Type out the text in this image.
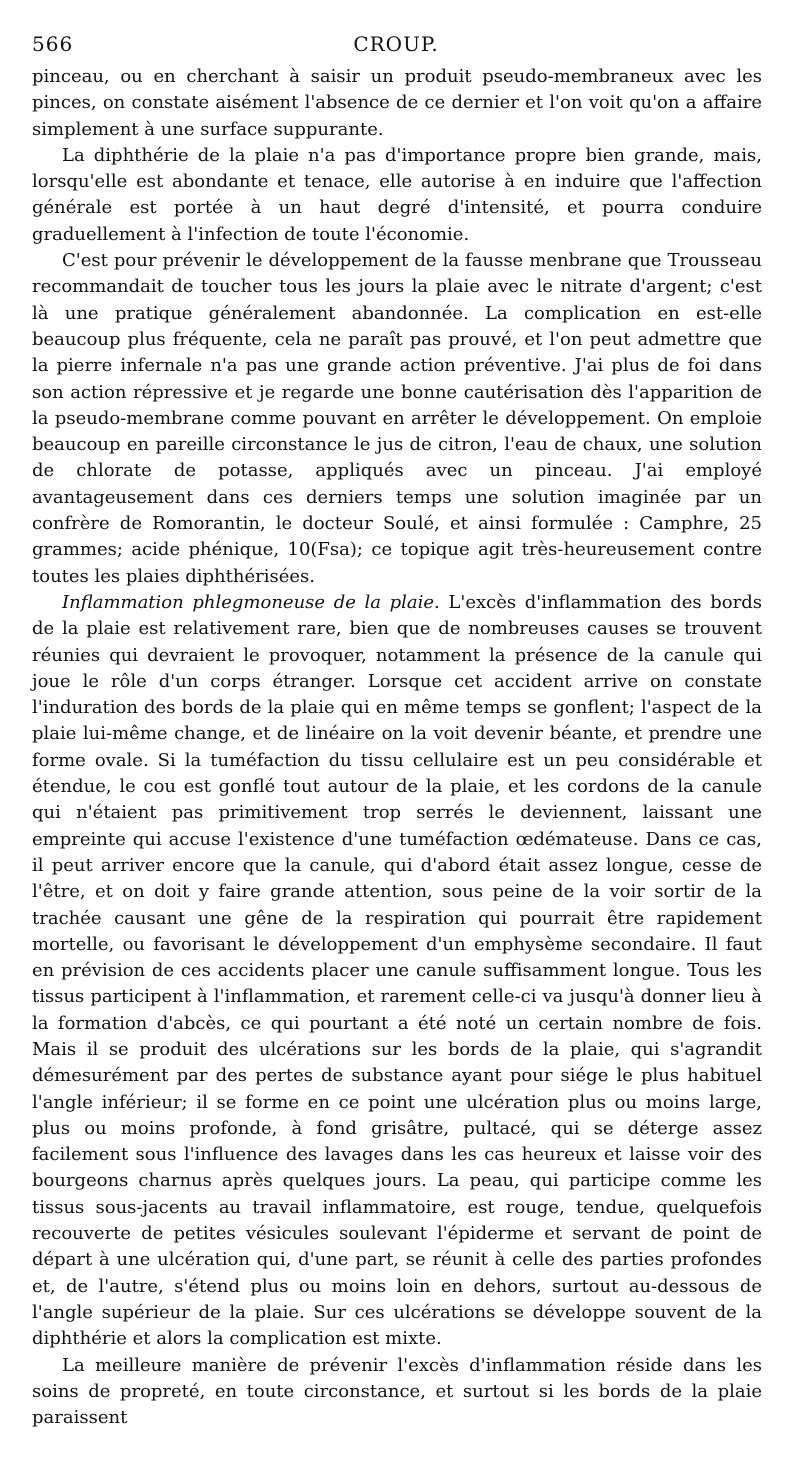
566	CROUP.

pinceau, ou en cherchant à saisir un produit pseudo-membraneux avec les pinces, on constate aisément l'absence de ce dernier et l'on voit qu'on a affaire simplement à une surface suppurante.

La diphthérie de la plaie n'a pas d'importance propre bien grande, mais, lorsqu'elle est abondante et tenace, elle autorise à en induire que l'affection générale est portée à un haut degré d'intensité, et pourra conduire graduellement à l'infection de toute l'économie.

C'est pour prévenir le développement de la fausse menbrane que Trousseau recommandait de toucher tous les jours la plaie avec le nitrate d'argent; c'est là une pratique généralement abandonnée. La complication en est-elle beaucoup plus fréquente, cela ne paraît pas prouvé, et l'on peut admettre que la pierre infernale n'a pas une grande action préventive. J'ai plus de foi dans son action répressive et je regarde une bonne cautérisation dès l'apparition de la pseudo-membrane comme pouvant en arrêter le développement. On emploie beaucoup en pareille circonstance le jus de citron, l'eau de chaux, une solution de chlorate de potasse, appliqués avec un pinceau. J'ai employé avantageusement dans ces derniers temps une solution imaginée par un confrère de Romorantin, le docteur Soulé, et ainsi formulée : Camphre, 25 grammes; acide phénique, 10(Fsa); ce topique agit très-heureusement contre toutes les plaies diphthérisées.

Inflammation phlegmoneuse de la plaie. L'excès d'inflammation des bords de la plaie est relativement rare, bien que de nombreuses causes se trouvent réunies qui devraient le provoquer, notamment la présence de la canule qui joue le rôle d'un corps étranger. Lorsque cet accident arrive on constate l'induration des bords de la plaie qui en même temps se gonflent; l'aspect de la plaie lui-même change, et de linéaire on la voit devenir béante, et prendre une forme ovale. Si la tuméfaction du tissu cellulaire est un peu considérable et étendue, le cou est gonflé tout autour de la plaie, et les cordons de la canule qui n'étaient pas primitivement trop serrés le deviennent, laissant une empreinte qui accuse l'existence d'une tuméfaction œdémateuse. Dans ce cas, il peut arriver encore que la canule, qui d'abord était assez longue, cesse de l'être, et on doit y faire grande attention, sous peine de la voir sortir de la trachée causant une gêne de la respiration qui pourrait être rapidement mortelle, ou favorisant le développement d'un emphysème secondaire. Il faut en prévision de ces accidents placer une canule suffisamment longue. Tous les tissus participent à l'inflammation, et rarement celle-ci va jusqu'à donner lieu à la formation d'abcès, ce qui pourtant a été noté un certain nombre de fois. Mais il se produit des ulcérations sur les bords de la plaie, qui s'agrandit démesurément par des pertes de substance ayant pour siége le plus habituel l'angle inférieur; il se forme en ce point une ulcération plus ou moins large, plus ou moins profonde, à fond grisâtre, pultacé, qui se déterge assez facilement sous l'influence des lavages dans les cas heureux et laisse voir des bourgeons charnus après quelques jours. La peau, qui participe comme les tissus sous-jacents au travail inflammatoire, est rouge, tendue, quelquefois recouverte de petites vésicules soulevant l'épiderme et servant de point de départ à une ulcération qui, d'une part, se réunit à celle des parties profondes et, de l'autre, s'étend plus ou moins loin en dehors, surtout au-dessous de l'angle supérieur de la plaie. Sur ces ulcérations se développe souvent de la diphthérie et alors la complication est mixte.

La meilleure manière de prévenir l'excès d'inflammation réside dans les soins de propreté, en toute circonstance, et surtout si les bords de la plaie paraissent
